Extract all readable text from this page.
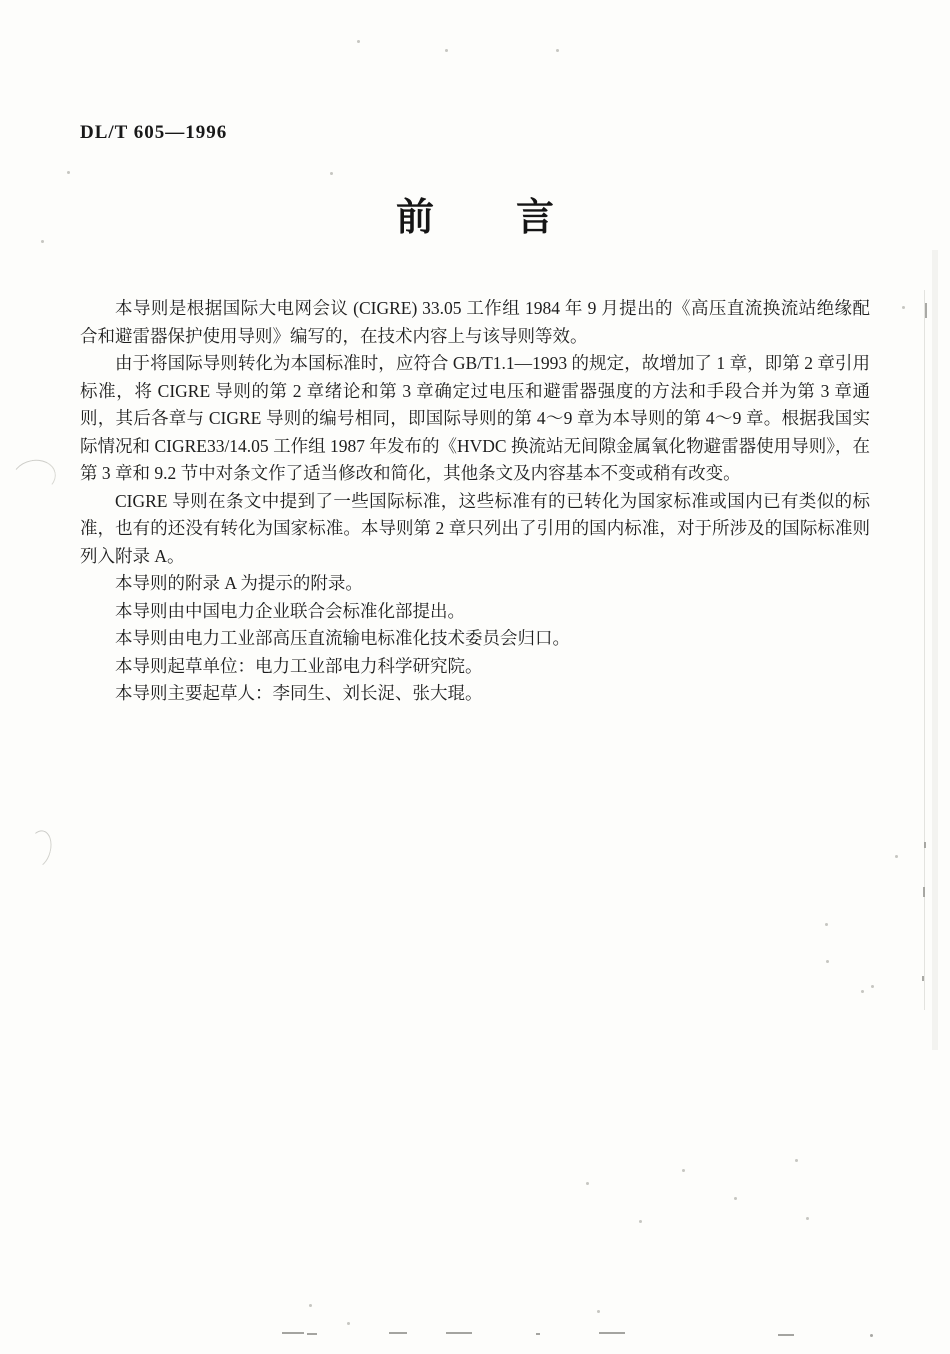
DL/T 605—1996
前 言

本导则是根据国际大电网会议 (CIGRE) 33.05 工作组 1984 年 9 月提出的《高压直流换流站绝缘配合和避雷器保护使用导则》编写的，在技术内容上与该导则等效。

由于将国际导则转化为本国标准时，应符合 GB/T1.1—1993 的规定，故增加了 1 章，即第 2 章引用标准，将 CIGRE 导则的第 2 章绪论和第 3 章确定过电压和避雷器强度的方法和手段合并为第 3 章通则，其后各章与 CIGRE 导则的编号相同，即国际导则的第 4～9 章为本导则的第 4～9 章。根据我国实际情况和 CIGRE33/14.05 工作组 1987 年发布的《HVDC 换流站无间隙金属氧化物避雷器使用导则》，在第 3 章和 9.2 节中对条文作了适当修改和简化，其他条文及内容基本不变或稍有改变。

CIGRE 导则在条文中提到了一些国际标准，这些标准有的已转化为国家标准或国内已有类似的标准，也有的还没有转化为国家标准。本导则第 2 章只列出了引用的国内标准，对于所涉及的国际标准则列入附录 A。

本导则的附录 A 为提示的附录。

本导则由中国电力企业联合会标准化部提出。

本导则由电力工业部高压直流输电标准化技术委员会归口。

本导则起草单位：电力工业部电力科学研究院。

本导则主要起草人：李同生、刘长浞、张大琨。
